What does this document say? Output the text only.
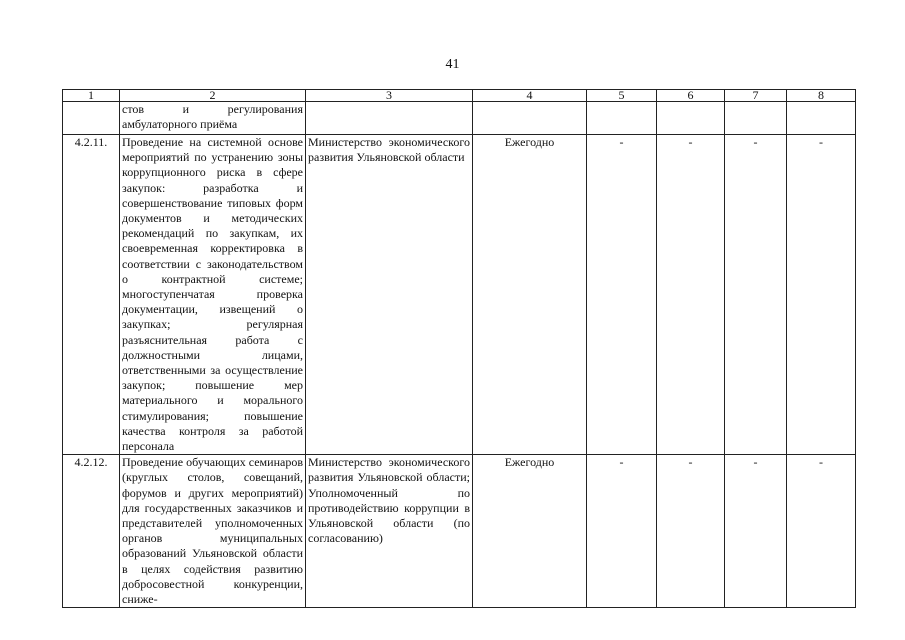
41
1	2	3	4	5	6	7	8
	стов и регулирования амбулаторного приёма						
4.2.11.	Проведение на системной основе мероприятий по устранению зоны коррупционного риска в сфере закупок: разработка и совершенствование типовых форм документов и методических рекомендаций по закупкам, их своевременная корректировка в соответствии с законодательством о контрактной системе; многоступенчатая проверка документации, извещений о закупках; регулярная разъяснительная работа с должностными лицами, ответственными за осуществление закупок; повышение мер материального и морального стимулирования; повышение качества контроля за работой персонала	Министерство экономического развития Ульяновской области	Ежегодно	-	-	-	-
4.2.12.	Проведение обучающих семинаров (круглых столов, совещаний, форумов и других мероприятий) для государственных заказчиков и представителей уполномоченных органов муниципальных образований Ульяновской области в целях содействия развитию добросовестной конкуренции, сниже-	Министерство экономического развития Ульяновской области; Уполномоченный по противодействию коррупции в Ульяновской области (по согласованию)	Ежегодно	-	-	-	-
